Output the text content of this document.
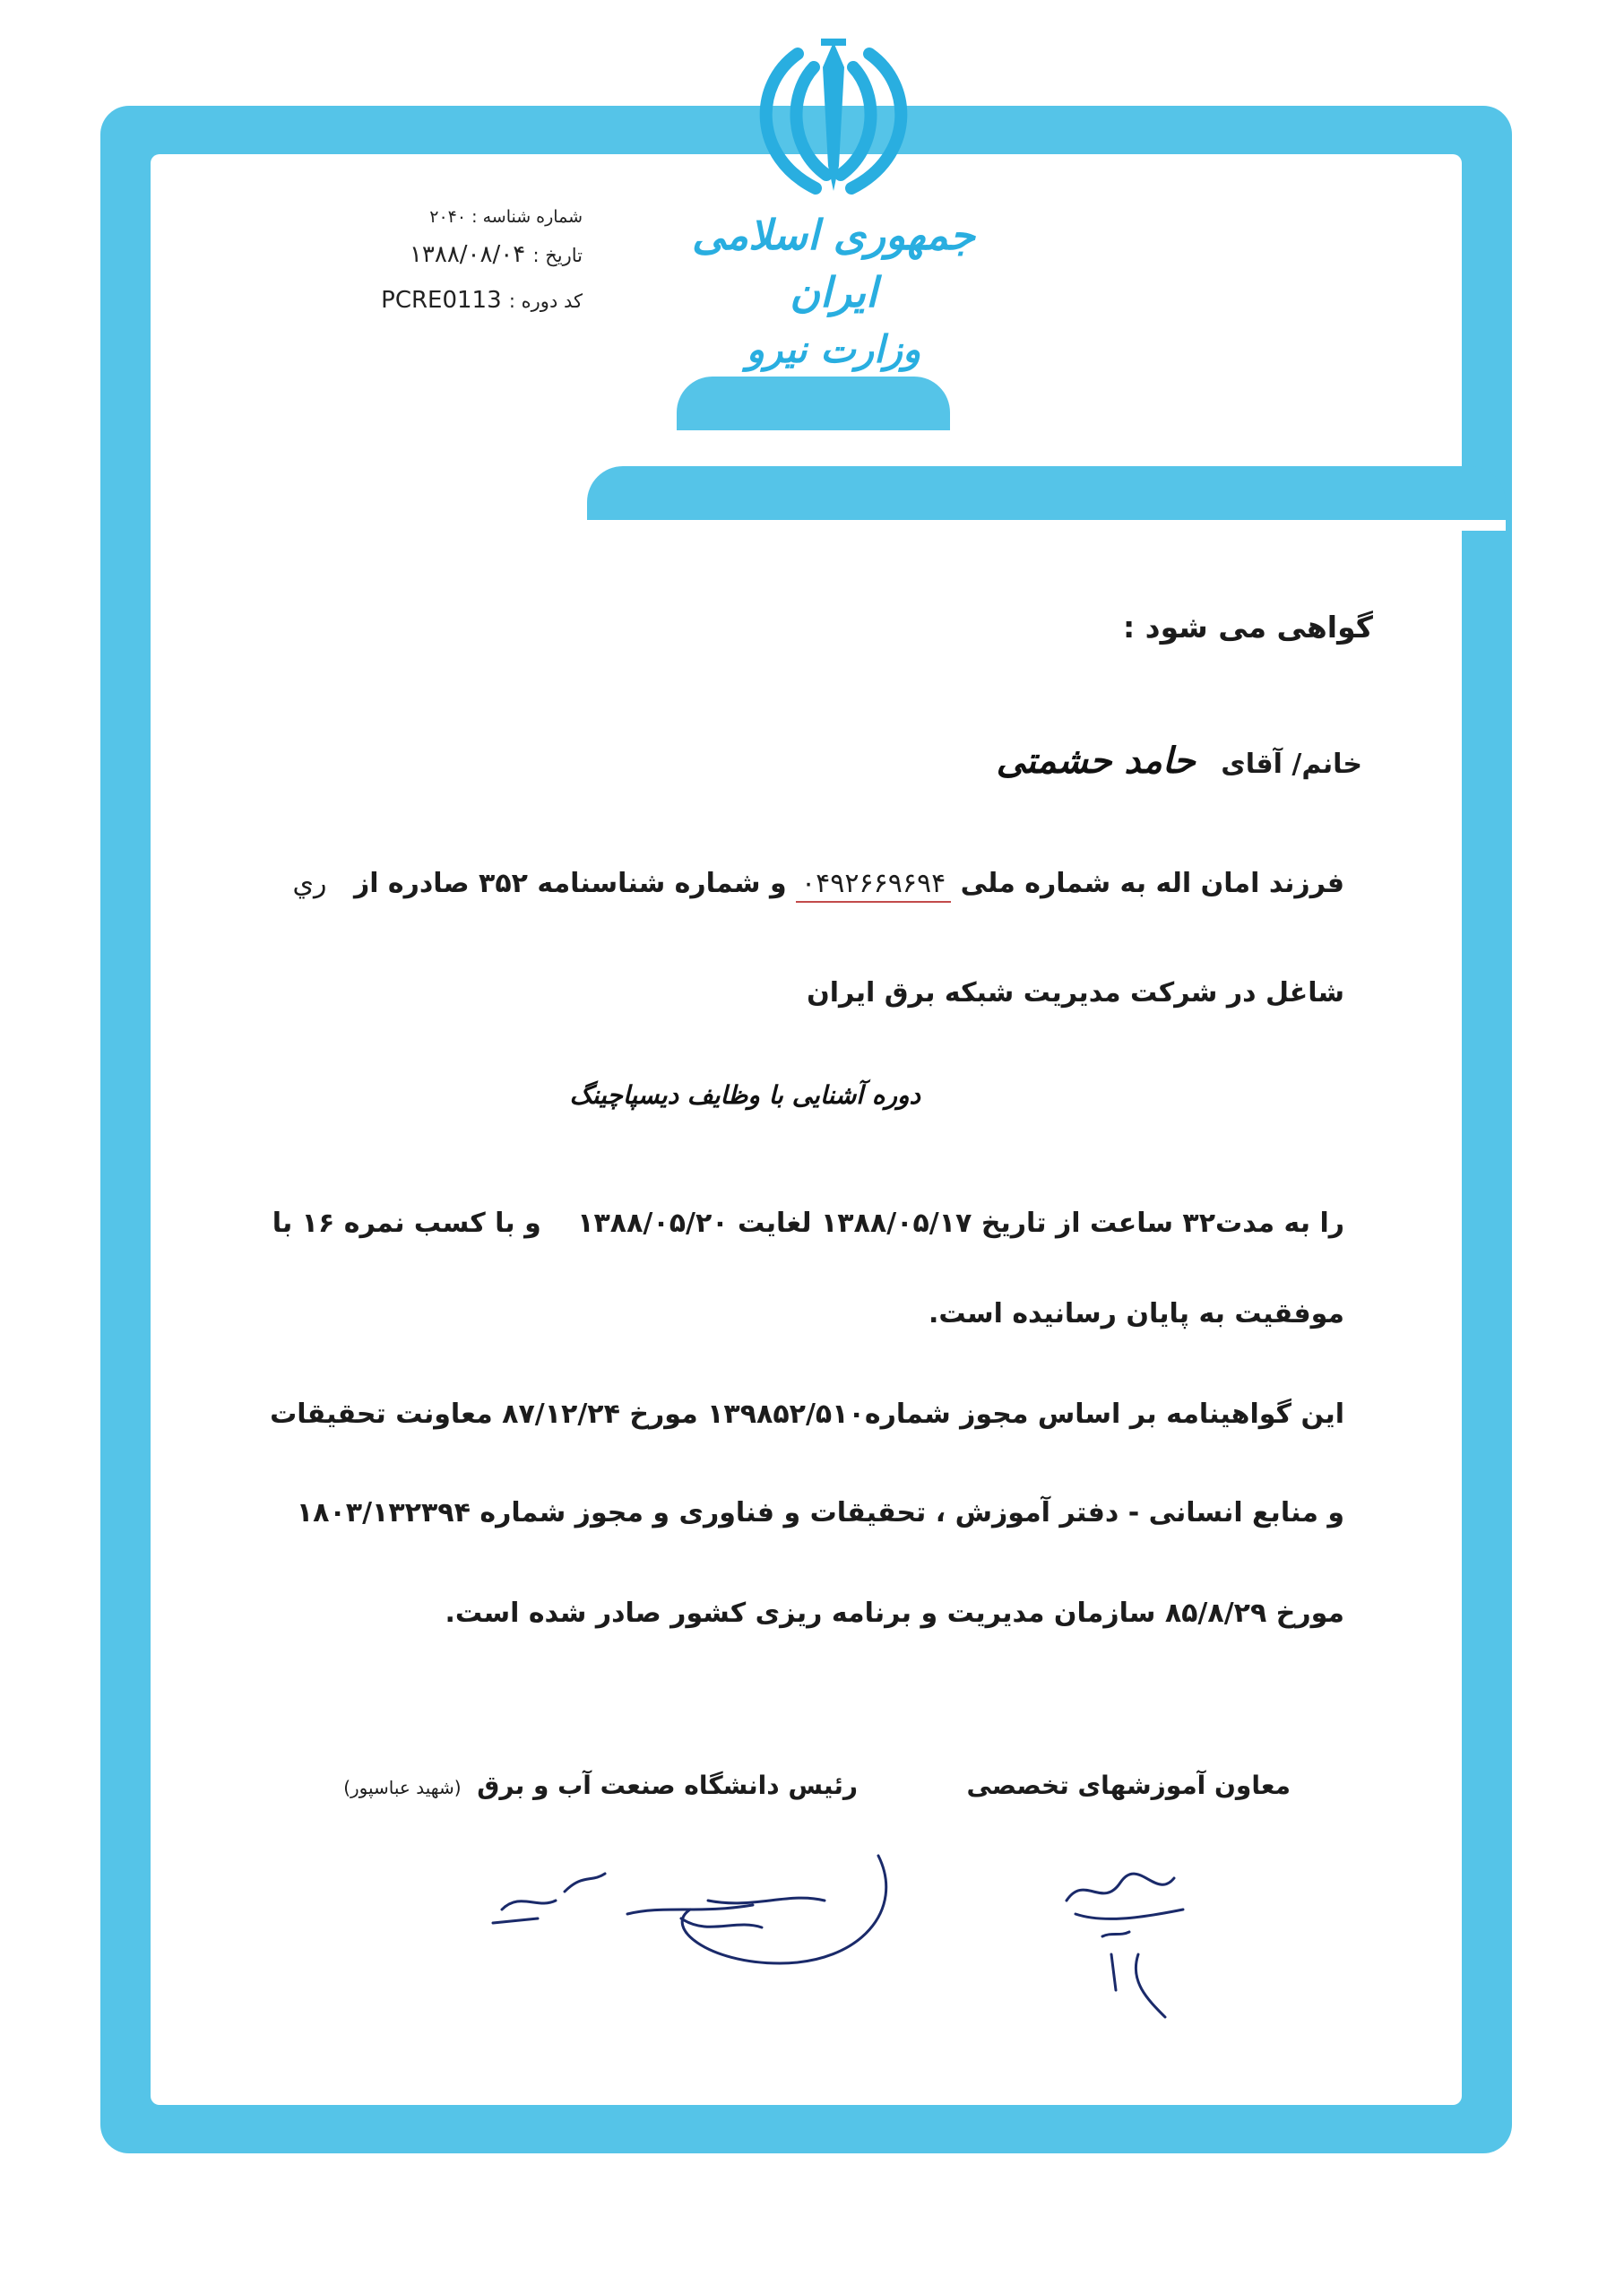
جمهوری اسلامی ایران
وزارت نیرو
شماره شناسه : ۲۰۴۰
تاریخ : ۱۳۸۸/۰۸/۰۴
کد دوره : PCRE0113
گواهی می شود :
خانم/ آقای حامد حشمتی
فرزند امان اله به شماره ملی ۰۴۹۲۶۶۹۶۹۴ و شماره شناسنامه ۳۵۲ صادره از ري
شاغل در شرکت مدیریت شبکه برق ایران
دوره آشنایی با وظایف دیسپاچینگ
را به مدت۳۲ ساعت از تاریخ ۱۳۸۸/۰۵/۱۷ لغایت ۱۳۸۸/۰۵/۲۰ و با کسب نمره ۱۶ با
موفقیت به پایان رسانیده است.
این گواهینامه بر اساس مجوز شماره۱۳۹۸۵۲/۵۱۰ مورخ ۸۷/۱۲/۲۴ معاونت تحقیقات
و منابع انسانی - دفتر آموزش ، تحقیقات و فناوری و مجوز شماره ۱۸۰۳/۱۳۲۳۹۴
مورخ ۸۵/۸/۲۹ سازمان مدیریت و برنامه ریزی کشور صادر شده است.
معاون آموزشهای تخصصی
رئیس دانشگاه صنعت آب و برق (شهید عباسپور)
